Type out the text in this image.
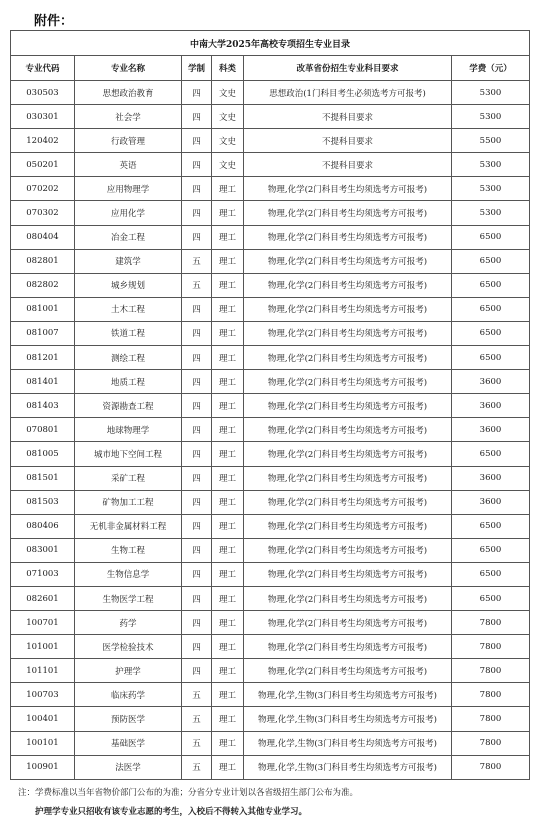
附件：
中南大学2025年高校专项招生专业目录					
专业代码	专业名称	学制	科类	改革省份招生专业科目要求	学费（元）
030503	思想政治教育	四	文史	思想政治(1门科目考生必须选考方可报考)	5300
030301	社会学	四	文史	不提科目要求	5300
120402	行政管理	四	文史	不提科目要求	5500
050201	英语	四	文史	不提科目要求	5300
070202	应用物理学	四	理工	物理,化学(2门科目考生均须选考方可报考)	5300
070302	应用化学	四	理工	物理,化学(2门科目考生均须选考方可报考)	5300
080404	冶金工程	四	理工	物理,化学(2门科目考生均须选考方可报考)	6500
082801	建筑学	五	理工	物理,化学(2门科目考生均须选考方可报考)	6500
082802	城乡规划	五	理工	物理,化学(2门科目考生均须选考方可报考)	6500
081001	土木工程	四	理工	物理,化学(2门科目考生均须选考方可报考)	6500
081007	铁道工程	四	理工	物理,化学(2门科目考生均须选考方可报考)	6500
081201	测绘工程	四	理工	物理,化学(2门科目考生均须选考方可报考)	6500
081401	地质工程	四	理工	物理,化学(2门科目考生均须选考方可报考)	3600
081403	资源勘查工程	四	理工	物理,化学(2门科目考生均须选考方可报考)	3600
070801	地球物理学	四	理工	物理,化学(2门科目考生均须选考方可报考)	3600
081005	城市地下空间工程	四	理工	物理,化学(2门科目考生均须选考方可报考)	6500
081501	采矿工程	四	理工	物理,化学(2门科目考生均须选考方可报考)	3600
081503	矿物加工工程	四	理工	物理,化学(2门科目考生均须选考方可报考)	3600
080406	无机非金属材料工程	四	理工	物理,化学(2门科目考生均须选考方可报考)	6500
083001	生物工程	四	理工	物理,化学(2门科目考生均须选考方可报考)	6500
071003	生物信息学	四	理工	物理,化学(2门科目考生均须选考方可报考)	6500
082601	生物医学工程	四	理工	物理,化学(2门科目考生均须选考方可报考)	6500
100701	药学	四	理工	物理,化学(2门科目考生均须选考方可报考)	7800
101001	医学检验技术	四	理工	物理,化学(2门科目考生均须选考方可报考)	7800
101101	护理学	四	理工	物理,化学(2门科目考生均须选考方可报考)	7800
100703	临床药学	五	理工	物理,化学,生物(3门科目考生均须选考方可报考)	7800
100401	预防医学	五	理工	物理,化学,生物(3门科目考生均须选考方可报考)	7800
100101	基础医学	五	理工	物理,化学,生物(3门科目考生均须选考方可报考)	7800
100901	法医学	五	理工	物理,化学,生物(3门科目考生均须选考方可报考)	7800
注：学费标准以当年省物价部门公布的为准；分省分专业计划以各省级招生部门公布为准。
护理学专业只招收有该专业志愿的考生，入校后不得转入其他专业学习。
